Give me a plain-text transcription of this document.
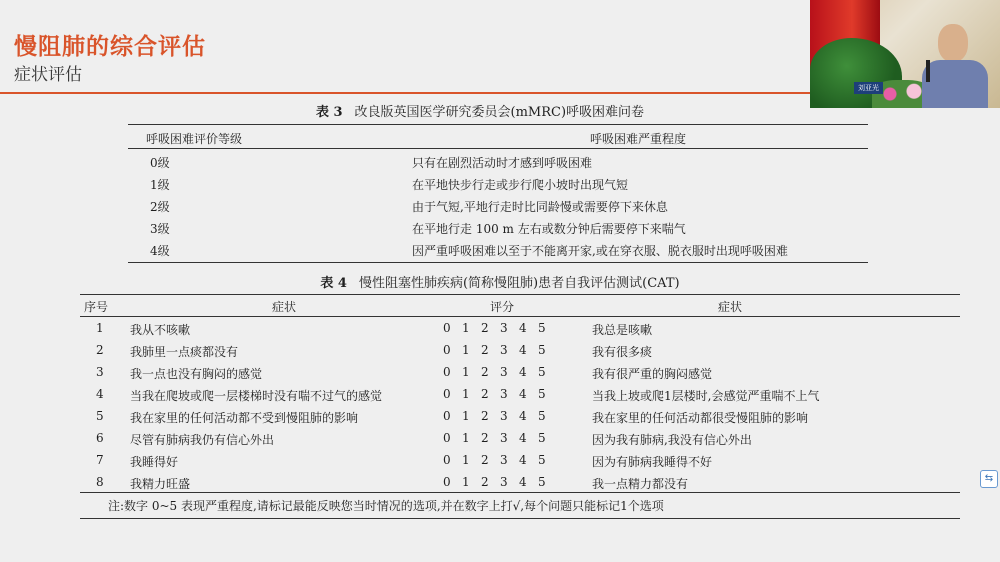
慢阻肺的综合评估
症状评估
刘亚光
⇆
表 3 改良版英国医学研究委员会(mMRC)呼吸困难问卷
呼吸困难评价等级	呼吸困难严重程度
0级	只有在剧烈活动时才感到呼吸困难
1级	在平地快步行走或步行爬小坡时出现气短
2级	由于气短,平地行走时比同龄慢或需要停下来休息
3级	在平地行走 100 m 左右或数分钟后需要停下来喘气
4级	因严重呼吸困难以至于不能离开家,或在穿衣服、脱衣服时出现呼吸困难
表 4 慢性阻塞性肺疾病(简称慢阻肺)患者自我评估测试(CAT)
序号	症状	评分	症状
1 我从不咳嗽	0 1 2 3 4 5	我总是咳嗽
2 我肺里一点痰都没有	0 1 2 3 4 5	我有很多痰
3 我一点也没有胸闷的感觉	0 1 2 3 4 5	我有很严重的胸闷感觉
4 当我在爬坡或爬一层楼梯时没有喘不过气的感觉	0 1 2 3 4 5	当我上坡或爬1层楼时,会感觉严重喘不上气
5 我在家里的任何活动都不受到慢阻肺的影响	0 1 2 3 4 5	我在家里的任何活动都很受慢阻肺的影响
6 尽管有肺病我仍有信心外出	0 1 2 3 4 5	因为我有肺病,我没有信心外出
7 我睡得好	0 1 2 3 4 5	因为有肺病我睡得不好
8 我精力旺盛	0 1 2 3 4 5	我一点精力都没有
注:数字 0~5 表现严重程度,请标记最能反映您当时情况的选项,并在数字上打√,每个问题只能标记1个选项
